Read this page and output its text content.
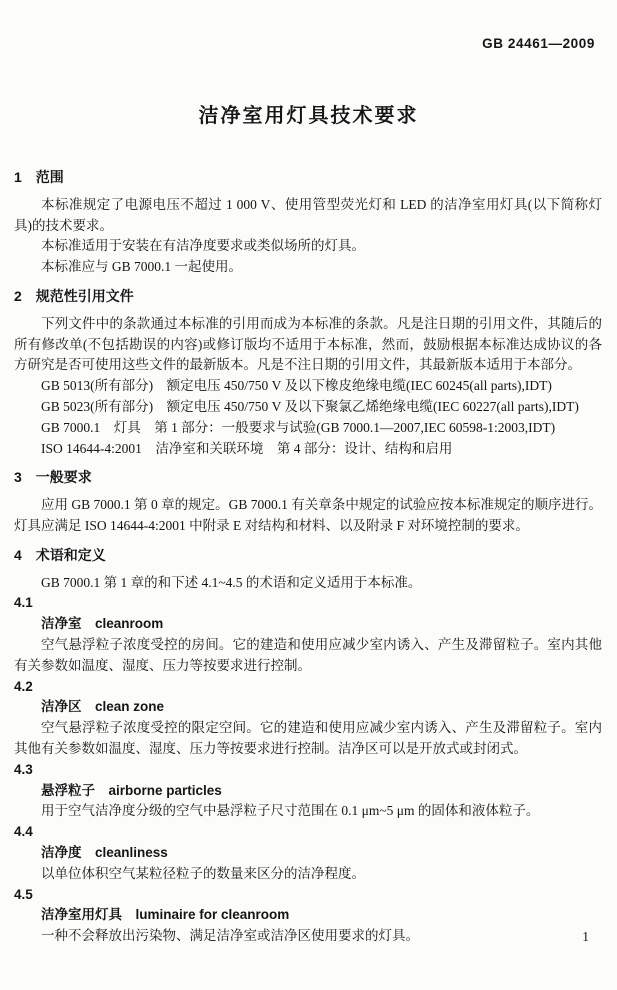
GB 24461—2009
洁净室用灯具技术要求
1　范围
本标准规定了电源电压不超过 1 000 V、使用管型荧光灯和 LED 的洁净室用灯具(以下简称灯具)的技术要求。
本标准适用于安装在有洁净度要求或类似场所的灯具。
本标准应与 GB 7000.1 一起使用。
2　规范性引用文件
下列文件中的条款通过本标准的引用而成为本标准的条款。凡是注日期的引用文件，其随后的所有修改单(不包括勘误的内容)或修订版均不适用于本标准，然而，鼓励根据本标准达成协议的各方研究是否可使用这些文件的最新版本。凡是不注日期的引用文件，其最新版本适用于本部分。
GB 5013(所有部分)　额定电压 450/750 V 及以下橡皮绝缘电缆(IEC 60245(all parts),IDT)
GB 5023(所有部分)　额定电压 450/750 V 及以下聚氯乙烯绝缘电缆(IEC 60227(all parts),IDT)
GB 7000.1　灯具　第 1 部分：一般要求与试验(GB 7000.1—2007,IEC 60598-1:2003,IDT)
ISO 14644-4:2001　洁净室和关联环境　第 4 部分：设计、结构和启用
3　一般要求
应用 GB 7000.1 第 0 章的规定。GB 7000.1 有关章条中规定的试验应按本标准规定的顺序进行。灯具应满足 ISO 14644-4:2001 中附录 E 对结构和材料、以及附录 F 对环境控制的要求。
4　术语和定义
GB 7000.1 第 1 章的和下述 4.1~4.5 的术语和定义适用于本标准。
4.1
洁净室　cleanroom
空气悬浮粒子浓度受控的房间。它的建造和使用应减少室内诱入、产生及滞留粒子。室内其他有关参数如温度、湿度、压力等按要求进行控制。
4.2
洁净区　clean zone
空气悬浮粒子浓度受控的限定空间。它的建造和使用应减少室内诱入、产生及滞留粒子。室内其他有关参数如温度、湿度、压力等按要求进行控制。洁净区可以是开放式或封闭式。
4.3
悬浮粒子　airborne particles
用于空气洁净度分级的空气中悬浮粒子尺寸范围在 0.1 μm~5 μm 的固体和液体粒子。
4.4
洁净度　cleanliness
以单位体积空气某粒径粒子的数量来区分的洁净程度。
4.5
洁净室用灯具　luminaire for cleanroom
一种不会释放出污染物、满足洁净室或洁净区使用要求的灯具。	1
